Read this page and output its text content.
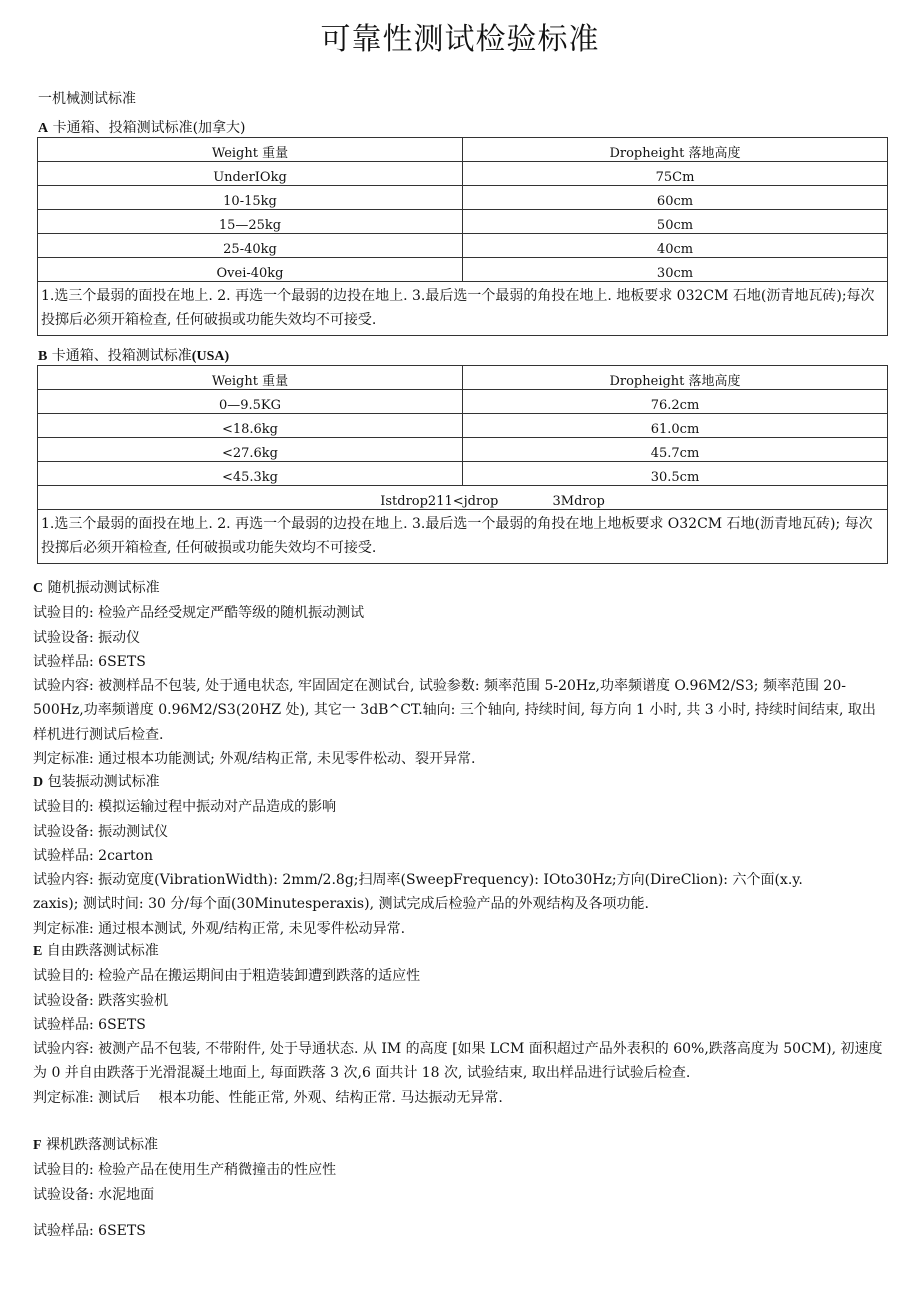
可靠性测试检验标准
一机械测试标准
A 卡通箱、投箱测试标准(加拿大)
Weight 重量	Dropheight 落地高度
UnderIOkg	75Cm
10-15kg	60cm
15—25kg	50cm
25-40kg	40cm
Ovei-40kg	30cm
1.选三个最弱的面投在地上. 2. 再选一个最弱的边投在地上. 3.最后选一个最弱的角投在地上. 地板要求 032CM 石地(沥青地瓦砖);每次投掷后必须开箱检查, 任何破损或功能失效均不可接受.	
B 卡通箱、投箱测试标准(USA)
Weight 重量	Dropheight 落地高度
0—9.5KG	76.2cm
<18.6kg	61.0cm
<27.6kg	45.7cm
<45.3kg	30.5cm
Istdrop211<jdrop 3Mdrop	
1.选三个最弱的面投在地上. 2. 再选一个最弱的边投在地上. 3.最后选一个最弱的角投在地上地板要求 O32CM 石地(沥青地瓦砖); 每次投掷后必须开箱检查, 任何破损或功能失效均不可接受.	
C 随机振动测试标准
试验目的: 检验产品经受规定严酷等级的随机振动测试
试验设备: 振动仪
试验样品: 6SETS
试验内容: 被测样品不包装, 处于通电状态, 牢固固定在测试台, 试验参数: 频率范围 5-20Hz,功率频谱度 O.96M2/S3; 频率范围 20-500Hz,功率频谱度 0.96M2/S3(20HZ 处), 其它一 3dB^CT.轴向: 三个轴向, 持续时间, 每方向 1 小时, 共 3 小时, 持续时间结束, 取出样机进行测试后检查.
判定标准: 通过根本功能测试; 外观/结构正常, 未见零件松动、裂开异常.
D 包装振动测试标准
试验目的: 模拟运输过程中振动对产品造成的影响
试验设备: 振动测试仪
试验样品: 2carton
试验内容: 振动宽度(VibrationWidth): 2mm/2.8g;扫周率(SweepFrequency): IOto30Hz;方向(DireClion): 六个面(x.y.
zaxis); 测试时间: 30 分/每个面(30Minutesperaxis), 测试完成后检验产品的外观结构及各项功能.
判定标准: 通过根本测试, 外观/结构正常, 未见零件松动异常.
E 自由跌落测试标准
试验目的: 检验产品在搬运期间由于粗造装卸遭到跌落的适应性
试验设备: 跌落实验机
试验样品: 6SETS
试验内容: 被测产品不包装, 不带附件, 处于导通状态. 从 IM 的高度 [如果 LCM 面积超过产品外表积的 60%,跌落高度为 50CM), 初速度为 0 并自由跌落于光滑混凝土地面上, 每面跌落 3 次,6 面共计 18 次, 试验结束, 取出样品进行试验后检查.
判定标准: 测试后　 根本功能、性能正常, 外观、结构正常. 马达振动无异常.
F 裸机跌落测试标准
试验目的: 检验产品在使用生产稍微撞击的性应性
试验设备: 水泥地面
试验样品: 6SETS
